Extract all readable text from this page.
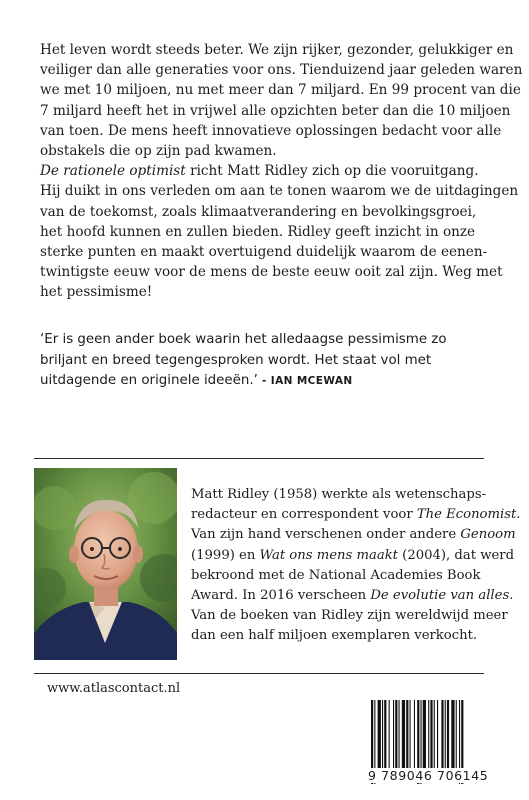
Het leven wordt steeds beter. We zijn rijker, gezonder, gelukkiger en
veiliger dan alle generaties voor ons. Tienduizend jaar geleden waren
we met 10 miljoen, nu met meer dan 7 miljard. En 99 procent van die
7 miljard heeft het in vrijwel alle opzichten beter dan die 10 miljoen
van toen. De mens heeft innovatieve oplossingen bedacht voor alle
obstakels die op zijn pad kwamen.
De rationele optimist richt Matt Ridley zich op die vooruitgang.
Hij duikt in ons verleden om aan te tonen waarom we de uitdagingen
van de toekomst, zoals klimaatverandering en bevolkingsgroei,
het hoofd kunnen en zullen bieden. Ridley geeft inzicht in onze
sterke punten en maakt overtuigend duidelijk waarom de eenen-
twintigste eeuw voor de mens de beste eeuw ooit zal zijn. Weg met
het pessimisme!
‘Er is geen ander boek waarin het alledaagse pessimisme zo
briljant en breed tegengesproken wordt. Het staat vol met
uitdagende en originele ideeën.’ - IAN MCEWAN
Matt Ridley (1958) werkte als wetenschaps-
redacteur en correspondent voor The Economist.
Van zijn hand verschenen onder andere Genoom
(1999) en Wat ons mens maakt (2004), dat werd
bekroond met de National Academies Book
Award. In 2016 verscheen De evolutie van alles.
Van de boeken van Ridley zijn wereldwijd meer
dan een half miljoen exemplaren verkocht.
www.atlascontact.nl
9 789046 706145
